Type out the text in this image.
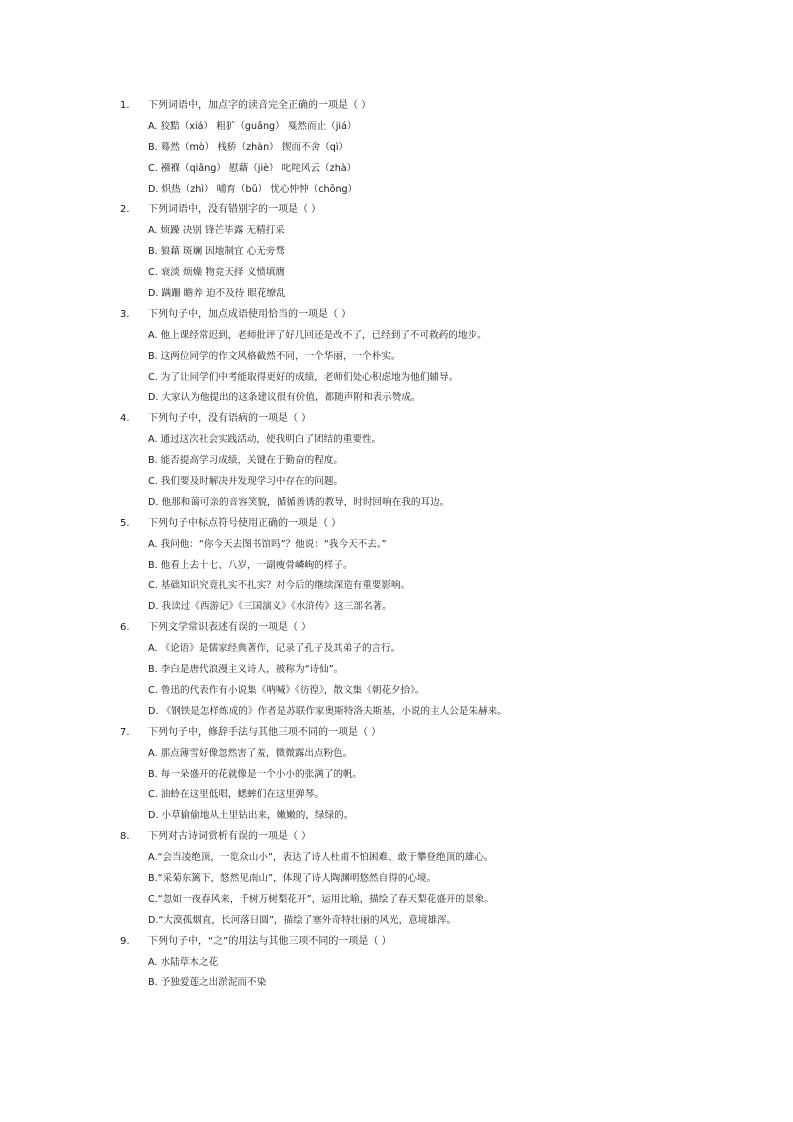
1.	下列词语中，加点字的读音完全正确的一项是（ ）
A. 狡黠（xiá） 粗犷（guǎng） 戛然而止（jiá）
B. 蓦然（mò） 栈桥（zhàn） 锲而不舍（qì）
C. 襁褓（qiǎng） 慰藉（jiè） 叱咤风云（zhà）
D. 炽热（zhì） 哺育（bǔ） 忧心忡忡（chōng）
2.	下列词语中，没有错别字的一项是（ ）
A. 烦躁 决别 锋芒毕露 无精打采
B. 狼藉 斑斓 因地制宜 心无旁骛
C. 衰淡 烦燥 物竞天择 义愤填膺
D. 蹒跚 瞻养 迫不及待 眼花缭乱
3.	下列句子中，加点成语使用恰当的一项是（ ）
A. 他上课经常迟到，老师批评了好几回还是改不了，已经到了不可救药的地步。
B. 这两位同学的作文风格截然不同，一个华丽，一个朴实。
C. 为了让同学们中考能取得更好的成绩，老师们处心积虑地为他们辅导。
D. 大家认为他提出的这条建议很有价值，都随声附和表示赞成。
4.	下列句子中，没有语病的一项是（ ）
A. 通过这次社会实践活动，使我明白了团结的重要性。
B. 能否提高学习成绩，关键在于勤奋的程度。
C. 我们要及时解决并发现学习中存在的问题。
D. 他那和蔼可亲的音容笑貌，循循善诱的教导，时时回响在我的耳边。
5.	下列句子中标点符号使用正确的一项是（ ）
A. 我问他：“你今天去图书馆吗”？他说：“我今天不去。”
B. 他看上去十七、八岁，一副瘦骨嶙峋的样子。
C. 基础知识究竟扎实不扎实？对今后的继续深造有重要影响。
D. 我读过《西游记》《三国演义》《水浒传》这三部名著。
6.	下列文学常识表述有误的一项是（ ）
A. 《论语》是儒家经典著作，记录了孔子及其弟子的言行。
B. 李白是唐代浪漫主义诗人，被称为“诗仙”。
C. 鲁迅的代表作有小说集《呐喊》《彷徨》，散文集《朝花夕拾》。
D. 《钢铁是怎样炼成的》作者是苏联作家奥斯特洛夫斯基，小说的主人公是朱赫来。
7.	下列句子中，修辞手法与其他三项不同的一项是（ ）
A. 那点薄雪好像忽然害了羞，微微露出点粉色。
B. 每一朵盛开的花就像是一个小小的张满了的帆。
C. 油蛉在这里低唱，蟋蟀们在这里弹琴。
D. 小草偷偷地从土里钻出来，嫩嫩的，绿绿的。
8.	下列对古诗词赏析有误的一项是（ ）
A.“会当凌绝顶，一览众山小”，表达了诗人杜甫不怕困难、敢于攀登绝顶的雄心。
B.“采菊东篱下，悠然见南山”，体现了诗人陶渊明悠然自得的心境。
C.“忽如一夜春风来，千树万树梨花开”，运用比喻，描绘了春天梨花盛开的景象。
D.“大漠孤烟直，长河落日圆”，描绘了塞外奇特壮丽的风光，意境雄浑。
9.	下列句子中，“之”的用法与其他三项不同的一项是（ ）
A. 水陆草木之花
B. 予独爱莲之出淤泥而不染
